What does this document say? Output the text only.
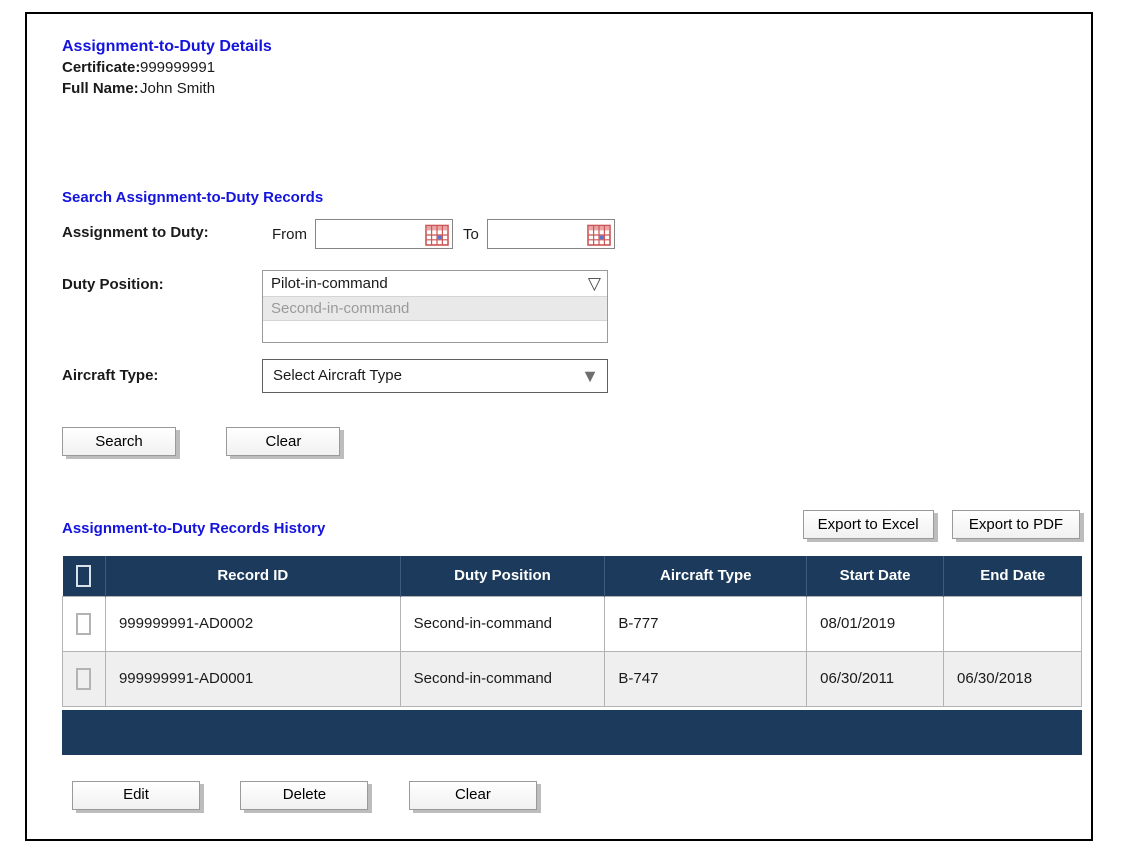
Assignment-to-Duty Details
Certificate: 999999991
Full Name: John Smith
Search Assignment-to-Duty Records
Assignment to Duty:	From	To
Duty Position:	Pilot-in-command	▽
Second-in-command
Aircraft Type:	Select Aircraft Type	▼
Search	Clear
Assignment-to-Duty Records History	Export to Excel	Export to PDF
	Record ID	Duty Position	Aircraft Type	Start Date	End Date

	999999991-AD0002	Second-in-command	B-777	08/01/2019	

	999999991-AD0001	Second-in-command	B-747	06/30/2011	06/30/2018
Edit	Delete	Clear
